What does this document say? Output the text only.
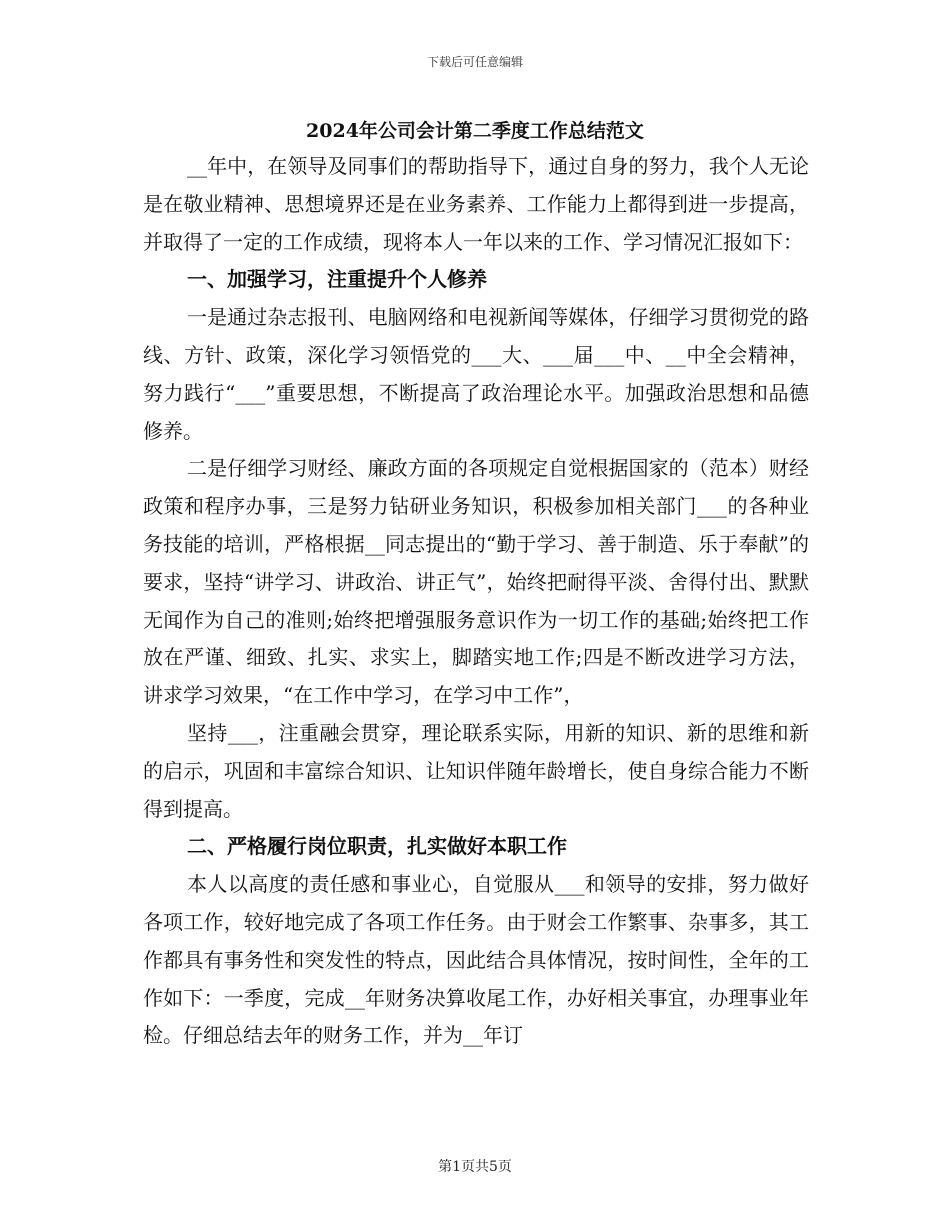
下载后可任意编辑
2024年公司会计第二季度工作总结范文

__年中，在领导及同事们的帮助指导下，通过自身的努力，我个人无论是在敬业精神、思想境界还是在业务素养、工作能力上都得到进一步提高，并取得了一定的工作成绩，现将本人一年以来的工作、学习情况汇报如下：

一、加强学习，注重提升个人修养

一是通过杂志报刊、电脑网络和电视新闻等媒体，仔细学习贯彻党的路线、方针、政策，深化学习领悟党的___大、___届___中、__中全会精神，努力践行“___”重要思想，不断提高了政治理论水平。加强政治思想和品德修养。

二是仔细学习财经、廉政方面的各项规定自觉根据国家的（范本）财经政策和程序办事，三是努力钻研业务知识，积极参加相关部门___的各种业务技能的培训，严格根据__同志提出的“勤于学习、善于制造、乐于奉献”的要求，坚持“讲学习、讲政治、讲正气”，始终把耐得平淡、舍得付出、默默无闻作为自己的准则;始终把增强服务意识作为一切工作的基础;始终把工作放在严谨、细致、扎实、求实上，脚踏实地工作;四是不断改进学习方法，讲求学习效果，“在工作中学习，在学习中工作”，

坚持___，注重融会贯穿，理论联系实际，用新的知识、新的思维和新的启示，巩固和丰富综合知识、让知识伴随年龄增长，使自身综合能力不断得到提高。

二、严格履行岗位职责，扎实做好本职工作

本人以高度的责任感和事业心，自觉服从___和领导的安排，努力做好各项工作，较好地完成了各项工作任务。由于财会工作繁事、杂事多，其工作都具有事务性和突发性的特点，因此结合具体情况，按时间性，全年的工作如下：一季度，完成__年财务决算收尾工作，办好相关事宜，办理事业年检。仔细总结去年的财务工作，并为__年订

第1页共5页
